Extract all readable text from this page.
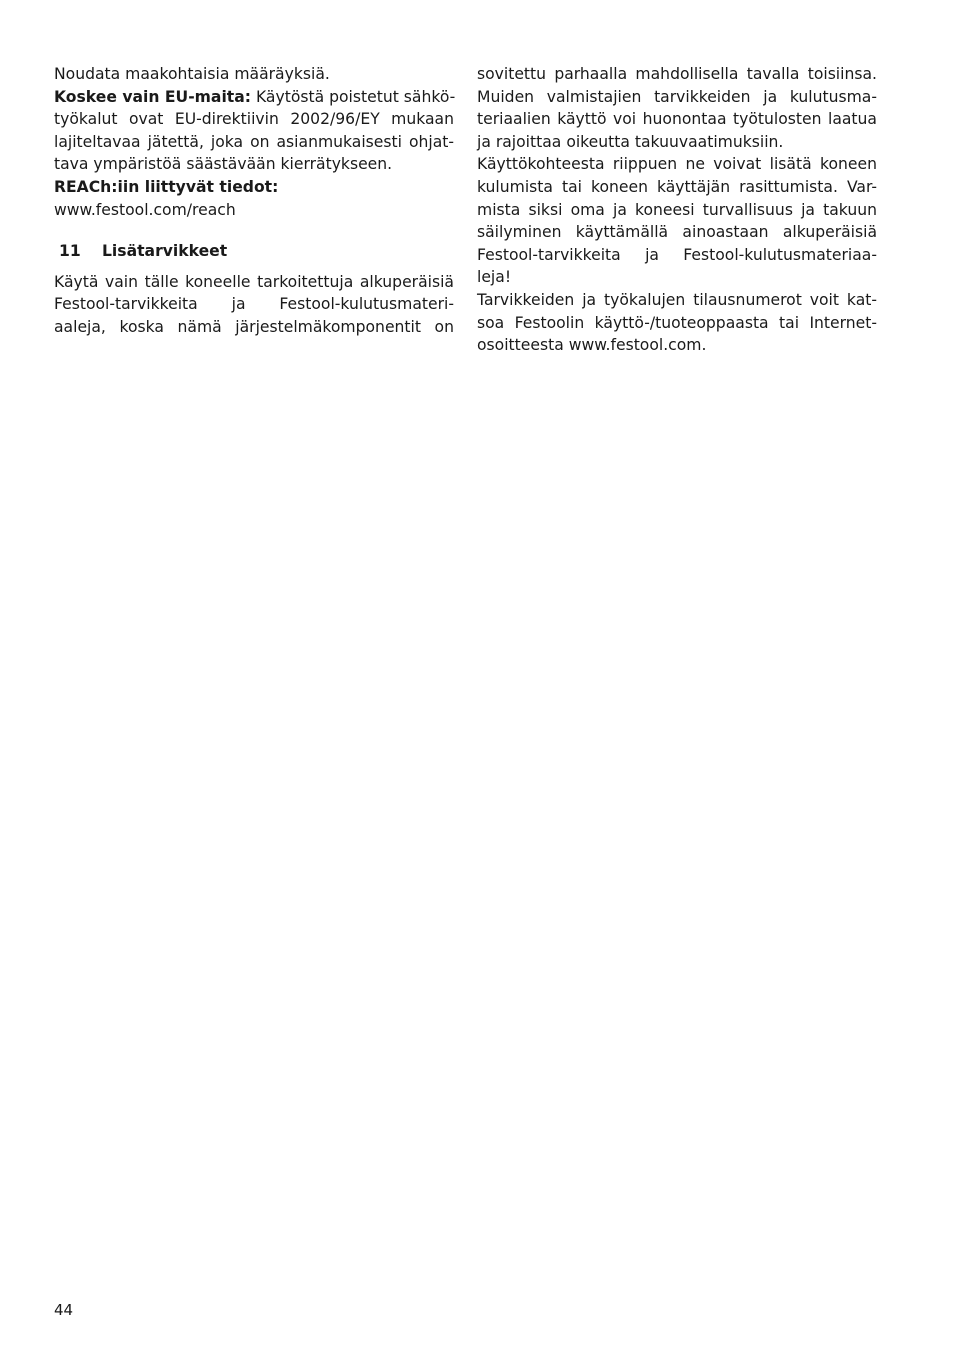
Noudata maakohtaisia määräyksiä.

Koskee vain EU-maita: Käytöstä poistetut sähkö-
työkalut ovat EU-direktiivin 2002/96/EY mukaan
lajiteltavaa jätettä, joka on asianmukaisesti ohjat-
tava ympäristöä säästävään kierrätykseen.

REACh:iin liittyvät tiedot:
www.festool.com/reach

11	Lisätarvikkeet

Käytä vain tälle koneelle tarkoitettuja alkuperäisiä
Festool-tarvikkeita ja Festool-kulutusmateri-
aaleja, koska nämä järjestelmäkomponentit on

sovitettu parhaalla mahdollisella tavalla toisiinsa.
Muiden valmistajien tarvikkeiden ja kulutusma-
teriaalien käyttö voi huonontaa työtulosten laatua
ja rajoittaa oikeutta takuuvaatimuksiin.

Käyttökohteesta riippuen ne voivat lisätä koneen
kulumista tai koneen käyttäjän rasittumista. Var-
mista siksi oma ja koneesi turvallisuus ja takuun
säilyminen käyttämällä ainoastaan alkuperäisiä
Festool-tarvikkeita ja Festool-kulutusmateriaa-
leja!

Tarvikkeiden ja työkalujen tilausnumerot voit kat-
soa Festoolin käyttö-/tuoteoppaasta tai Internet-
osoitteesta www.festool.com.

44
